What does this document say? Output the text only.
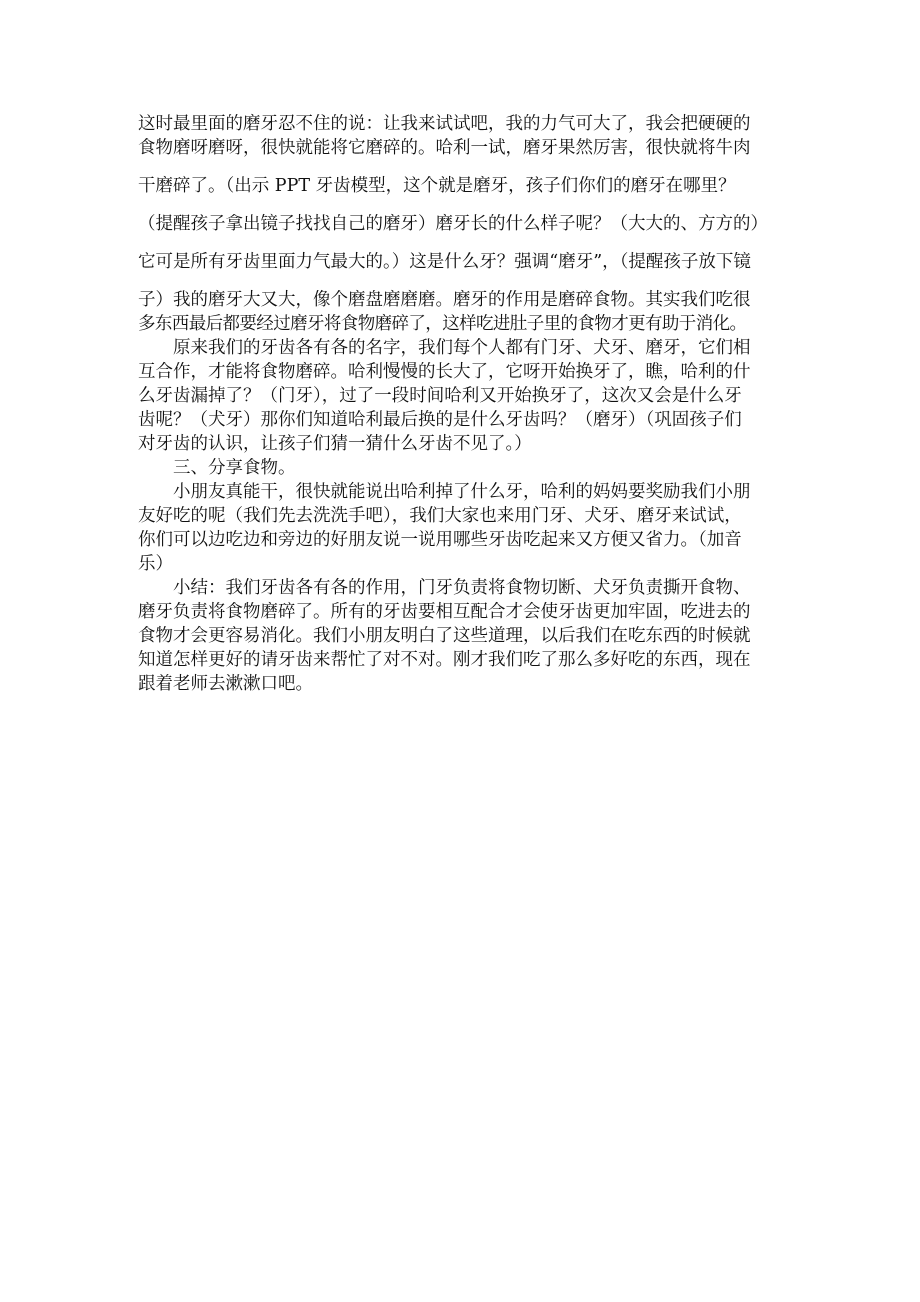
这时最里面的磨牙忍不住的说：让我来试试吧，我的力气可大了，我会把硬硬的
食物磨呀磨呀，很快就能将它磨碎的。哈利一试，磨牙果然厉害，很快就将牛肉
干磨碎了。（出示 PPT 牙齿模型，这个就是磨牙，孩子们你们的磨牙在哪里？
（提醒孩子拿出镜子找找自己的磨牙）磨牙长的什么样子呢？（大大的、方方的）
它可是所有牙齿里面力气最大的。）这是什么牙？强调“磨牙”，（提醒孩子放下镜
子）我的磨牙大又大，像个磨盘磨磨磨。磨牙的作用是磨碎食物。其实我们吃很
多东西最后都要经过磨牙将食物磨碎了，这样吃进肚子里的食物才更有助于消化。
原来我们的牙齿各有各的名字，我们每个人都有门牙、犬牙、磨牙，它们相
互合作，才能将食物磨碎。哈利慢慢的长大了，它呀开始换牙了，瞧，哈利的什
么牙齿漏掉了？（门牙），过了一段时间哈利又开始换牙了，这次又会是什么牙
齿呢？（犬牙）那你们知道哈利最后换的是什么牙齿吗？（磨牙）（巩固孩子们
对牙齿的认识，让孩子们猜一猜什么牙齿不见了。）
三、分享食物。
小朋友真能干，很快就能说出哈利掉了什么牙，哈利的妈妈要奖励我们小朋
友好吃的呢（我们先去洗洗手吧），我们大家也来用门牙、犬牙、磨牙来试试，
你们可以边吃边和旁边的好朋友说一说用哪些牙齿吃起来又方便又省力。（加音
乐）
小结：我们牙齿各有各的作用，门牙负责将食物切断、犬牙负责撕开食物、
磨牙负责将食物磨碎了。所有的牙齿要相互配合才会使牙齿更加牢固，吃进去的
食物才会更容易消化。我们小朋友明白了这些道理，以后我们在吃东西的时候就
知道怎样更好的请牙齿来帮忙了对不对。刚才我们吃了那么多好吃的东西，现在
跟着老师去漱漱口吧。
